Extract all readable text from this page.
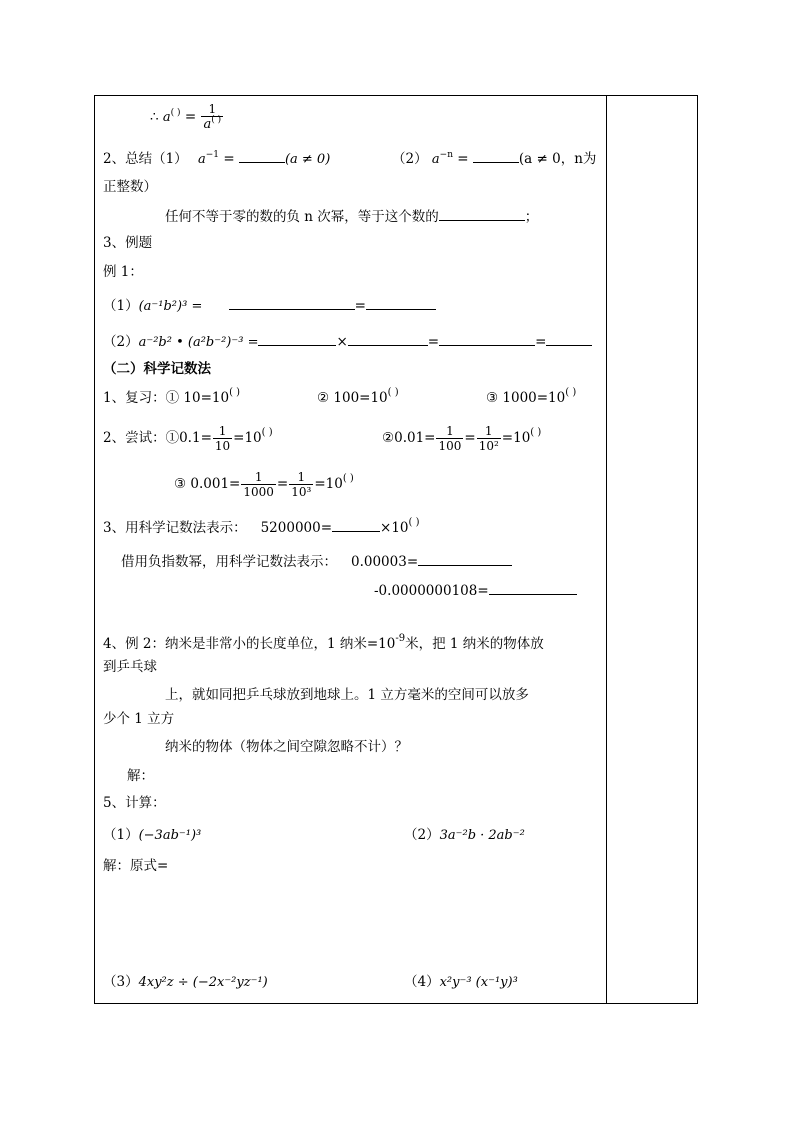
∴ $a^{( )} = \frac{1}{a^{( )}}$
2、总结（1） $a^{-1}$ =	(a ≠ 0)	（2） $a^{-n}$ =	(a ≠ 0，n为
正整数）
任何不等于零的数的负 n 次幂，等于这个数的	；
3、例题
例 1：
（1）(a⁻¹b²)³ =	=
（2）a⁻²b² • (a²b⁻²)⁻³ =	×	=	=
（二）科学记数法
1、复习：① 10=10( )	② 100=10( )	③ 1000=10( )
2、尝试：①0.1= $\frac{1}{10} =10^{( )}$	②0.01= $\frac{1}{100} = \frac{1}{\text{10²}} =10^{( )}$
③ $0.001= \frac{1}{1000} = \frac{1}{\text{10³}} =10^{( )}$
3、用科学记数法表示： 5200000=	×10( )
借用负指数幂，用科学记数法表示： 0.00003=
-0.0000000108=
4、例 2：纳米是非常小的长度单位，1 纳米$=10^{-9}$米，把 1 纳米的物体放
到乒乓球
上，就如同把乒乓球放到地球上。1 立方毫米的空间可以放多
少个 1 立方
纳米的物体（物体之间空隙忽略不计）？
解：
5、计算：
（1）(−3ab⁻¹)³	（2）3a⁻²b · 2ab⁻²
解：原式=
（3）4xy²z ÷ (−2x⁻²yz⁻¹)	（4）x²y⁻³ (x⁻¹y)³
